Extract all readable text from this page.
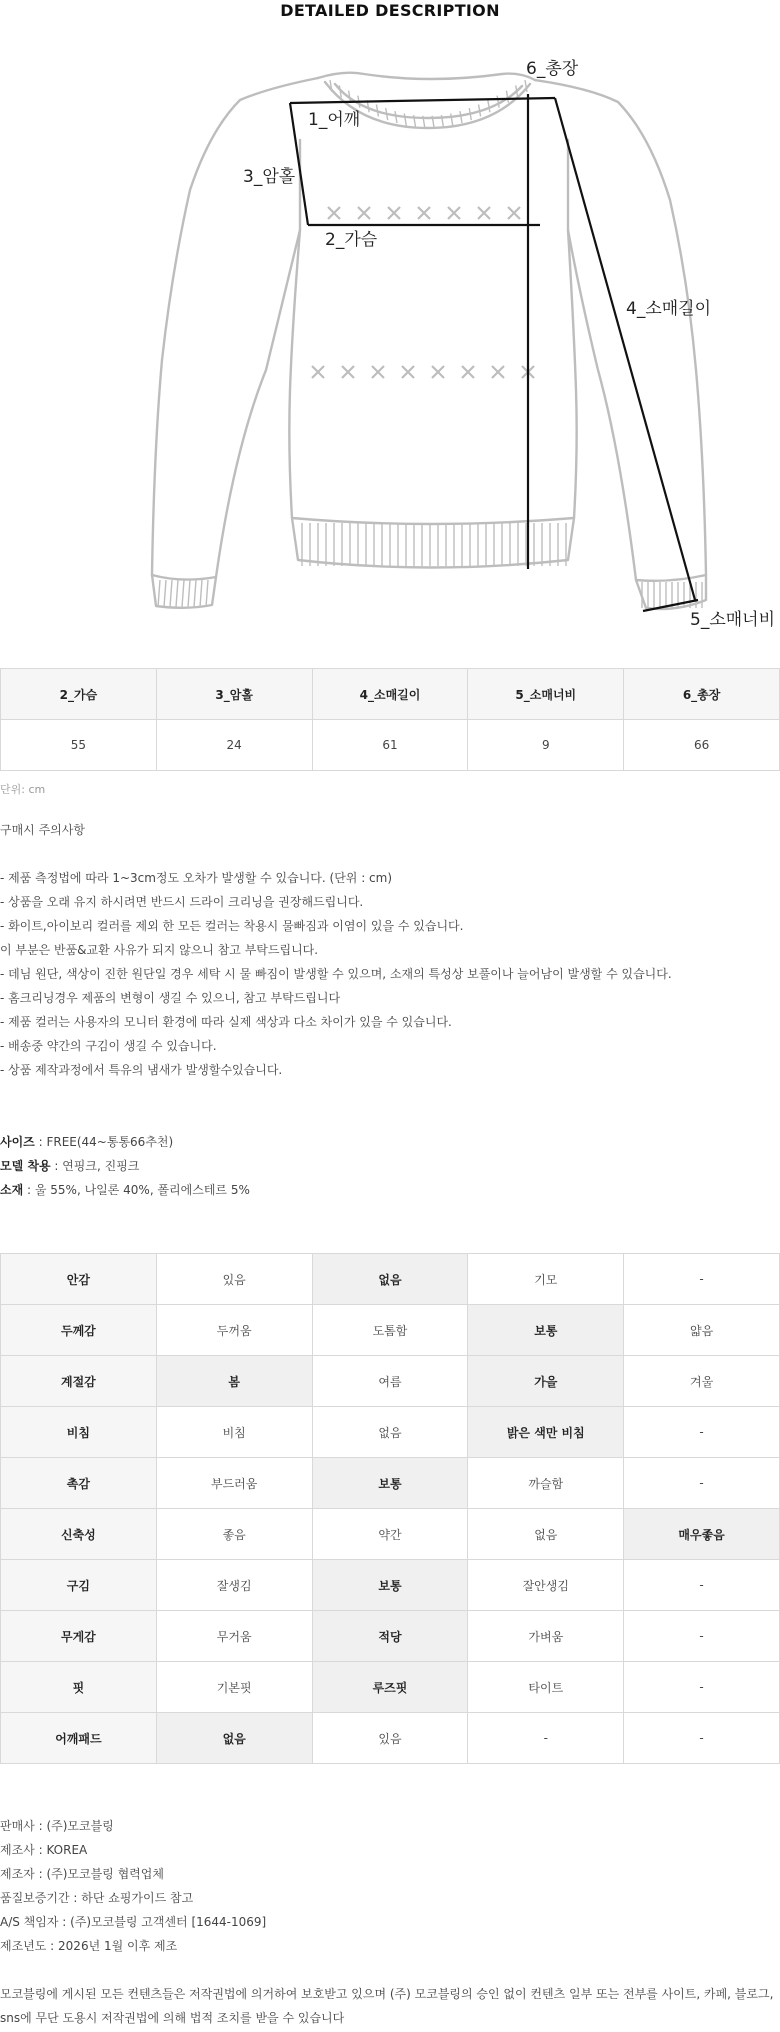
DETAILED DESCRIPTION
1_어깨
2_가슴
3_암홀
4_소매길이
5_소매너비
6_총장
2_가슴	3_암홀	4_소매길이	5_소매너비	6_총장
55	24	61	9	66
단위: cm
구매시 주의사항
- 제품 측정법에 따라 1~3cm정도 오차가 발생할 수 있습니다. (단위 : cm)
- 상품을 오래 유지 하시려면 반드시 드라이 크리닝을 권장해드립니다.
- 화이트,아이보리 컬러를 제외 한 모든 컬러는 착용시 물빠짐과 이염이 있을 수 있습니다.
이 부분은 반품&교환 사유가 되지 않으니 참고 부탁드립니다.
- 데님 원단, 색상이 진한 원단일 경우 세탁 시 물 빠짐이 발생할 수 있으며, 소재의 특성상 보풀이나 늘어남이 발생할 수 있습니다.
- 홈크리닝경우 제품의 변형이 생길 수 있으니, 참고 부탁드립니다
- 제품 컬러는 사용자의 모니터 환경에 따라 실제 색상과 다소 차이가 있을 수 있습니다.
- 배송중 약간의 구김이 생길 수 있습니다.
- 상품 제작과정에서 특유의 냄새가 발생할수있습니다.
사이즈 : FREE(44~통통66추천)
모델 착용 : 연핑크, 진핑크
소재 : 울 55%, 나일론 40%, 폴리에스테르 5%
안감	있음	없음	기모	-
두께감	두꺼움	도톰함	보통	얇음
계절감	봄	여름	가을	겨울
비침	비침	없음	밝은 색만 비침	-
촉감	부드러움	보통	까슬함	-
신축성	좋음	약간	없음	매우좋음
구김	잘생김	보통	잘안생김	-
무게감	무거움	적당	가벼움	-
핏	기본핏	루즈핏	타이트	-
어깨패드	없음	있음	-	-
판매사 : (주)모코블링
제조사 : KOREA
제조자 : (주)모코블링 협력업체
품질보증기간 : 하단 쇼핑가이드 참고
A/S 책임자 : (주)모코블링 고객센터 [1644-1069]
제조년도 : 2026년 1월 이후 제조
모코블링에 게시된 모든 컨텐츠들은 저작권법에 의거하여 보호받고 있으며 (주) 모코블링의 승인 없이 컨텐츠 일부 또는 전부를 사이트, 카페, 블로그, sns에 무단 도용시 저작권법에 의해 법적 조치를 받을 수 있습니다
